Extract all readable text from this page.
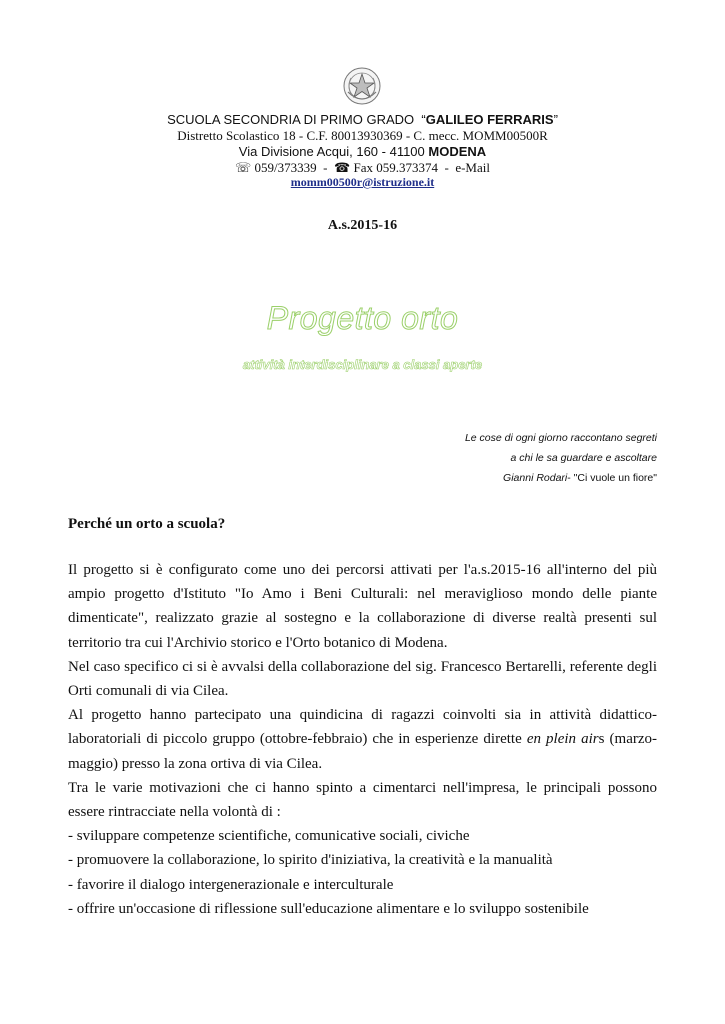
SCUOLA SECONDRIA DI PRIMO GRADO “GALILEO FERRARIS”
Distretto Scolastico 18 - C.F. 80013930369 - C. mecc. MOMM00500R
Via Divisione Acqui, 160 - 41100 MODENA
☏ 059/373339  -  ☎ Fax 059.373374  -  e-Mail
momm00500r@istruzione.it
A.s.2015-16
Progetto orto
attività interdisciplinare a classi aperte
Le cose di ogni giorno raccontano segreti
a chi le sa guardare e ascoltare
Gianni Rodari- "Ci vuole un fiore"
Perché un orto a scuola?

Il progetto si è configurato come uno dei percorsi attivati per l'a.s.2015-16 all'interno del più ampio progetto d'Istituto "Io Amo i Beni Culturali: nel meraviglioso mondo delle piante dimenticate", realizzato grazie al sostegno e la collaborazione di diverse realtà presenti sul territorio tra cui l'Archivio storico e l'Orto botanico di Modena.

Nel caso specifico ci si è avvalsi della collaborazione del sig. Francesco Bertarelli, referente degli Orti comunali di via Cilea.

Al progetto hanno partecipato una quindicina di ragazzi coinvolti sia in attività didattico-laboratoriali di piccolo gruppo (ottobre-febbraio) che in esperienze dirette en plein airs (marzo-maggio) presso la zona ortiva di via Cilea.

Tra le varie motivazioni che ci hanno spinto a cimentarci nell'impresa, le principali possono essere rintracciate nella volontà di :

- sviluppare competenze scientifiche, comunicative sociali, civiche

- promuovere la collaborazione, lo spirito d'iniziativa, la creatività e la manualità

- favorire il dialogo intergenerazionale e interculturale

- offrire un'occasione di riflessione sull'educazione alimentare e lo sviluppo sostenibile
